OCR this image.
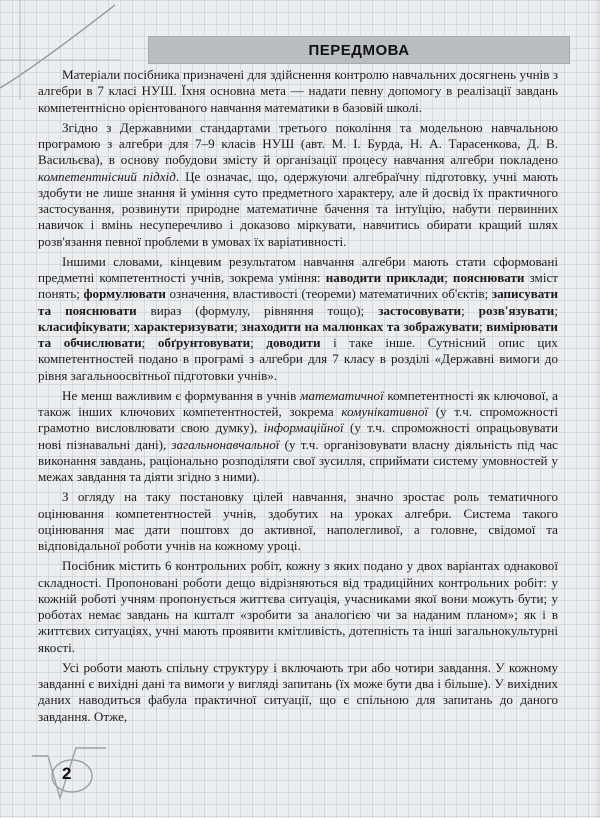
ПЕРЕДМОВА

Матеріали посібника призначені для здійснення контролю навчальних досягнень учнів з алгебри в 7 класі НУШ. Їхня основна мета — надати певну допомогу в реалізації завдань компетентнісно орієнтованого навчання математики в базовій школі.

Згідно з Державними стандартами третього покоління та модельною навчальною програмою з алгебри для 7–9 класів НУШ (авт. М. І. Бурда, Н. А. Тарасенкова, Д. В. Васильєва), в основу побудови змісту й організації процесу навчання алгебри покладено компетентнісний підхід. Це означає, що, одержуючи алгебраїчну підготовку, учні мають здобути не лише знання й уміння суто предметного характеру, але й досвід їх практичного застосування, розвинути природне математичне бачення та інтуїцію, набути первинних навичок і вмінь несуперечливо і доказово міркувати, навчитись обирати кращий шлях розв'язання певної проблеми в умовах їх варіативності.

Іншими словами, кінцевим результатом навчання алгебри мають стати сформовані предметні компетентності учнів, зокрема уміння: наводити приклади; пояснювати зміст понять; формулювати означення, властивості (теореми) математичних об'єктів; записувати та пояснювати вираз (формулу, рівняння тощо); застосовувати; розв'язувати; класифікувати; характеризувати; знаходити на малюнках та зображувати; вимірювати та обчислювати; обґрунтовувати; доводити і таке інше. Сутнісний опис цих компетентностей подано в програмі з алгебри для 7 класу в розділі «Державні вимоги до рівня загальноосвітньої підготовки учнів».

Не менш важливим є формування в учнів математичної компетентності як ключової, а також інших ключових компетентностей, зокрема комунікативної (у т.ч. спроможності грамотно висловлювати свою думку), інформаційної (у т.ч. спроможності опрацьовувати нові пізнавальні дані), загальнонавчальної (у т.ч. організовувати власну діяльність під час виконання завдань, раціонально розподіляти свої зусилля, сприймати систему умовностей у межах завдання та діяти згідно з ними).

З огляду на таку постановку цілей навчання, значно зростає роль тематичного оцінювання компетентностей учнів, здобутих на уроках алгебри. Система такого оцінювання має дати поштовх до активної, наполегливої, а головне, свідомої та відповідальної роботи учнів на кожному уроці.

Посібник містить 6 контрольних робіт, кожну з яких подано у двох варіантах однакової складності. Пропоновані роботи дещо відрізняються від традиційних контрольних робіт: у кожній роботі учням пропонується життєва ситуація, учасниками якої вони можуть бути; у роботах немає завдань на кшталт «зробити за аналогією чи за наданим планом»; як і в життєвих ситуаціях, учні мають проявити кмітливість, дотепність та інші загальнокультурні якості.

Усі роботи мають спільну структуру і включають три або чотири завдання. У кожному завданні є вихідні дані та вимоги у вигляді запитань (їх може бути два і більше). У вихідних даних наводиться фабула практичної ситуації, що є спільною для запитань до даного завдання. Отже,

2
